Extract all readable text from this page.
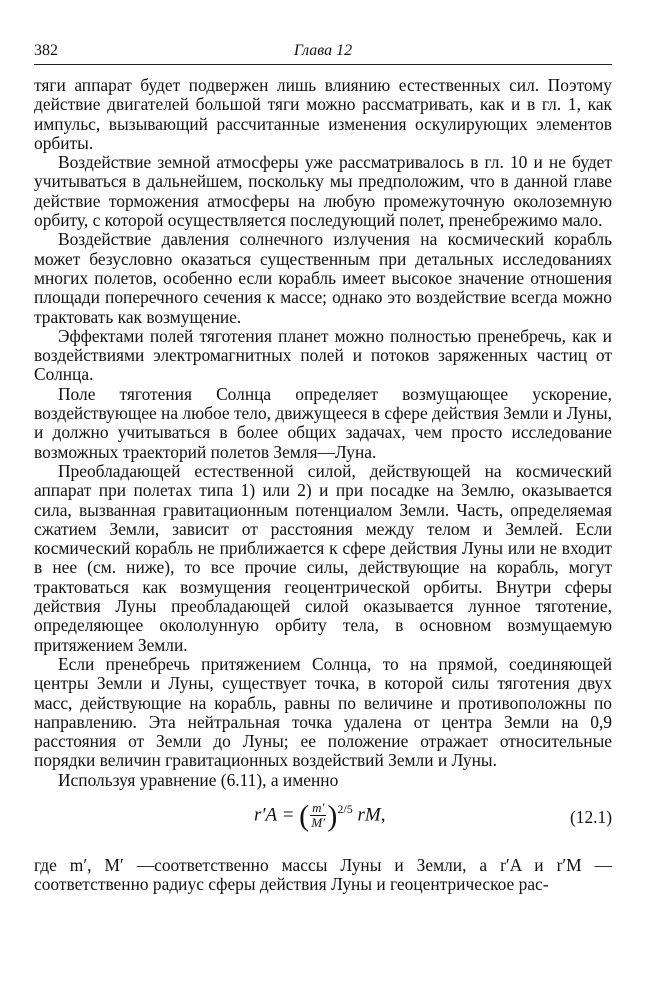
382	Глава 12

тяги аппарат будет подвержен лишь влиянию естественных сил. Поэтому действие двигателей большой тяги можно рассматривать, как и в гл. 1, как импульс, вызывающий рассчитанные изменения оскулирующих элементов орбиты.

Воздействие земной атмосферы уже рассматривалось в гл. 10 и не будет учитываться в дальнейшем, поскольку мы предположим, что в данной главе действие торможения атмосферы на любую промежуточную околоземную орбиту, с которой осуществляется последующий полет, пренебрежимо мало.

Воздействие давления солнечного излучения на космический корабль может безусловно оказаться существенным при детальных исследованиях многих полетов, особенно если корабль имеет высокое значение отношения площади поперечного сечения к массе; однако это воздействие всегда можно трактовать как возмущение.

Эффектами полей тяготения планет можно полностью пренебречь, как и воздействиями электромагнитных полей и потоков заряженных частиц от Солнца.

Поле тяготения Солнца определяет возмущающее ускорение, воздействующее на любое тело, движущееся в сфере действия Земли и Луны, и должно учитываться в более общих задачах, чем просто исследование возможных траекторий полетов Земля—Луна.

Преобладающей естественной силой, действующей на космический аппарат при полетах типа 1) или 2) и при посадке на Землю, оказывается сила, вызванная гравитационным потенциалом Земли. Часть, определяемая сжатием Земли, зависит от расстояния между телом и Землей. Если космический корабль не приближается к сфере действия Луны или не входит в нее (см. ниже), то все прочие силы, действующие на корабль, могут трактоваться как возмущения геоцентрической орбиты. Внутри сферы действия Луны преобладающей силой оказывается лунное тяготение, определяющее окололунную орбиту тела, в основном возмущаемую притяжением Земли.

Если пренебречь притяжением Солнца, то на прямой, соединяющей центры Земли и Луны, существует точка, в которой силы тяготения двух масс, действующие на корабль, равны по величине и противоположны по направлению. Эта нейтральная точка удалена от центра Земли на 0,9 расстояния от Земли до Луны; ее положение отражает относительные порядки величин гравитационных воздействий Земли и Луны.

Используя уравнение (6.11), а именно

r′A = ( $\frac{m'}{M'} )^{2/5}$ rM,	(12.1)

где m′, M′ —соответственно массы Луны и Земли, а r′A и r′M —соответственно радиус сферы действия Луны и геоцентрическое рас-
